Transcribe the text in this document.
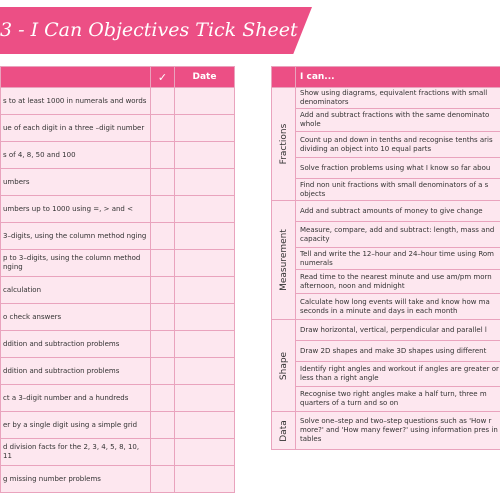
3 - I Can Objectives Tick Sheet
	✓	Date
s to at least 1000 in numerals and words		
ue of each digit in a three –digit number		
s of 4, 8, 50 and 100		
umbers		
umbers up to 1000 using =, > and <		
3–digits, using the column method nging		
p to 3–digits, using the column method nging		
calculation		
o check answers		
ddition and subtraction problems		
ddition and subtraction problems		
ct a 3–digit number and a hundreds		
er by a single digit using a simple grid		
d division facts for the 2, 3, 4, 5, 8, 10, 11		
g missing number problems		
	I can...

Fractions	Show using diagrams, equivalent fractions with small denominators
	Add and subtract fractions with the same denominato whole
	Count up and down in tenths and recognise tenths aris dividing an object into 10 equal parts
	Solve fraction problems using what I know so far abou
	Find non unit fractions with small denominators of a s objects

Measurement	Add and subtract amounts of money to give change
	Measure, compare, add and subtract: length, mass and capacity
	Tell and write the 12–hour and 24–hour time using Rom numerals
	Read time to the nearest minute and use am/pm morn afternoon, noon and midnight
	Calculate how long events will take and know how ma seconds in a minute and days in each month

Shape	Draw horizontal, vertical, perpendicular and parallel l
	Draw 2D shapes and make 3D shapes using different
	Identify right angles and workout if angles are greater or less than a right angle
	Recognise two right angles make a half turn, three m quarters of a turn and so on

Data	Solve one–step and two–step questions such as 'How r more?' and 'How many fewer?' using information pres in tables
